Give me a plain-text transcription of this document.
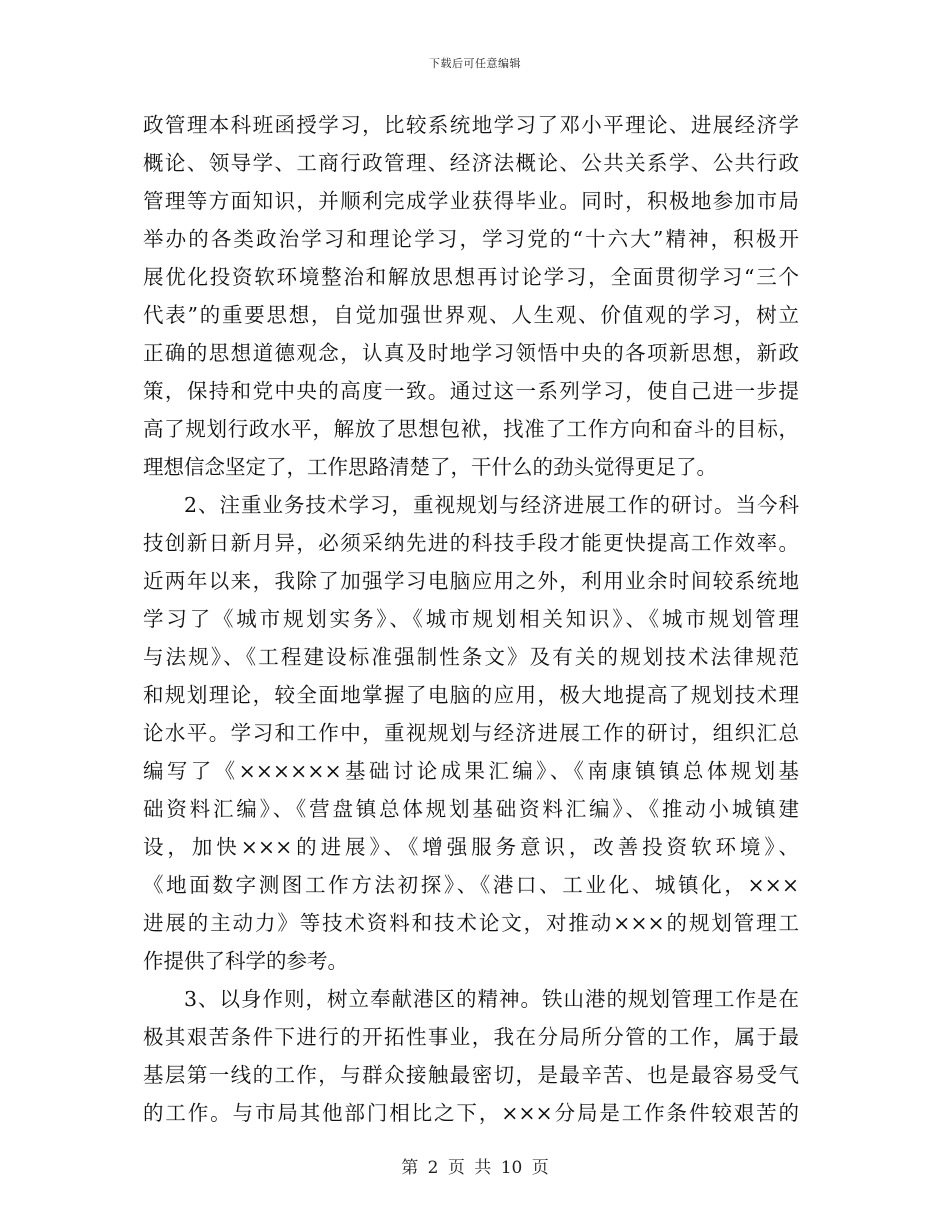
下载后可任意编辑
政管理本科班函授学习，比较系统地学习了邓小平理论、进展经济学
概论、领导学、工商行政管理、经济法概论、公共关系学、公共行政
管理等方面知识，并顺利完成学业获得毕业。同时，积极地参加市局
举办的各类政治学习和理论学习，学习党的“十六大”精神，积极开
展优化投资软环境整治和解放思想再讨论学习，全面贯彻学习“三个
代表”的重要思想，自觉加强世界观、人生观、价值观的学习，树立
正确的思想道德观念，认真及时地学习领悟中央的各项新思想，新政
策，保持和党中央的高度一致。通过这一系列学习，使自己进一步提
高了规划行政水平，解放了思想包袱，找准了工作方向和奋斗的目标，
理想信念坚定了，工作思路清楚了，干什么的劲头觉得更足了。
2、注重业务技术学习，重视规划与经济进展工作的研讨。当今科
技创新日新月异，必须采纳先进的科技手段才能更快提高工作效率。
近两年以来，我除了加强学习电脑应用之外，利用业余时间较系统地
学习了《城市规划实务》、《城市规划相关知识》、《城市规划管理
与法规》、《工程建设标准强制性条文》及有关的规划技术法律规范
和规划理论，较全面地掌握了电脑的应用，极大地提高了规划技术理
论水平。学习和工作中，重视规划与经济进展工作的研讨，组织汇总
编写了《××××××基础讨论成果汇编》、《南康镇镇总体规划基
础资料汇编》、《营盘镇总体规划基础资料汇编》、《推动小城镇建
设，加快×××的进展》、《增强服务意识，改善投资软环境》、
《地面数字测图工作方法初探》、《港口、工业化、城镇化，×××
进展的主动力》等技术资料和技术论文，对推动×××的规划管理工
作提供了科学的参考。
3、以身作则，树立奉献港区的精神。铁山港的规划管理工作是在
极其艰苦条件下进行的开拓性事业，我在分局所分管的工作，属于最
基层第一线的工作，与群众接触最密切，是最辛苦、也是最容易受气
的工作。与市局其他部门相比之下，×××分局是工作条件较艰苦的
第 2 页 共 10 页
